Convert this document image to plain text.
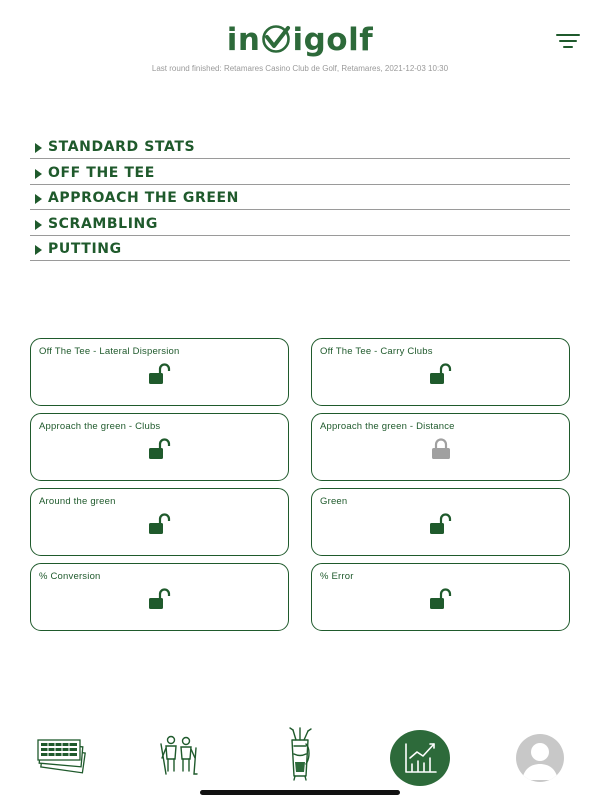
in igolf
Last round finished: Retamares Casino Club de Golf, Retamares, 2021-12-03 10:30
STANDARD STATS
OFF THE TEE
APPROACH THE GREEN
SCRAMBLING
PUTTING
Off The Tee - Lateral Dispersion	Off The Tee - Carry Clubs
Approach the green - Clubs	Approach the green - Distance
Around the green	Green
% Conversion	% Error
